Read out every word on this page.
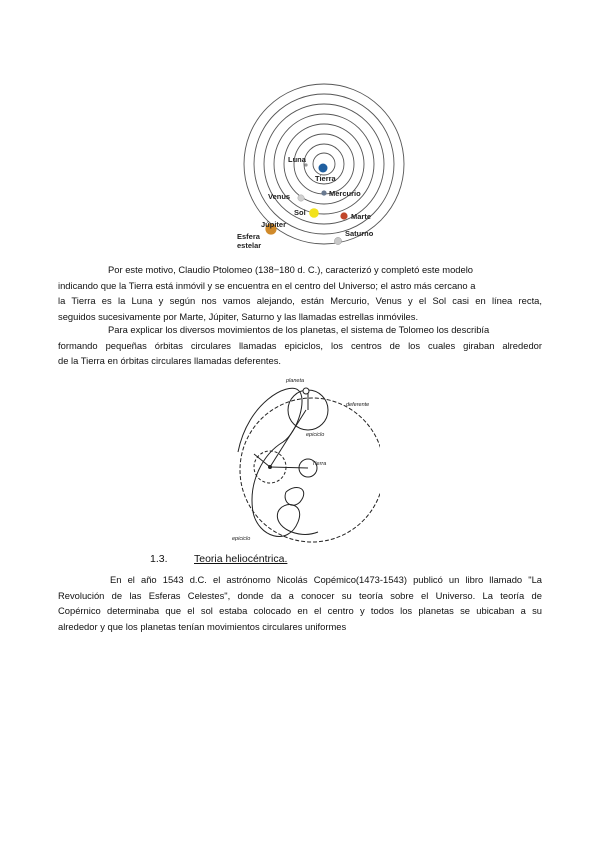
Luna
Tierra
Venus	Mercurio
Sol	Marte
Júpiter
Saturno
Esfera
estelar
Por este motivo, Claudio Ptolomeo (138−180 d. C.), caracterizó y completó este modelo
indicando que la Tierra está inmóvil y se encuentra en el centro del Universo; el astro más cercano a
la Tierra es la Luna y según nos vamos alejando, están Mercurio, Venus y el Sol casi en línea recta,
seguidos sucesivamente por Marte, Júpiter, Saturno y las llamadas estrellas inmóviles.
Para explicar los diversos movimientos de los planetas, el sistema de Tolomeo los describía
formando pequeñas órbitas circulares llamadas epiciclos, los centros de los cuales giraban alrededor
de la Tierra en órbitas circulares llamadas deferentes.
planeta
deferente
epiciclo
Tierra
epiciclo
1.3.	Teoria heliocéntrica.
En el año 1543 d.C. el astrónomo Nicolás Copémico(1473-1543) publicó un libro llamado "La
Revolución de las Esferas Celestes", donde da a conocer su teoría sobre el Universo. La teoría de
Copérnico determinaba que el sol estaba colocado en el centro y todos los planetas se ubicaban a su
alrededor y que los planetas tenían movimientos circulares uniformes
